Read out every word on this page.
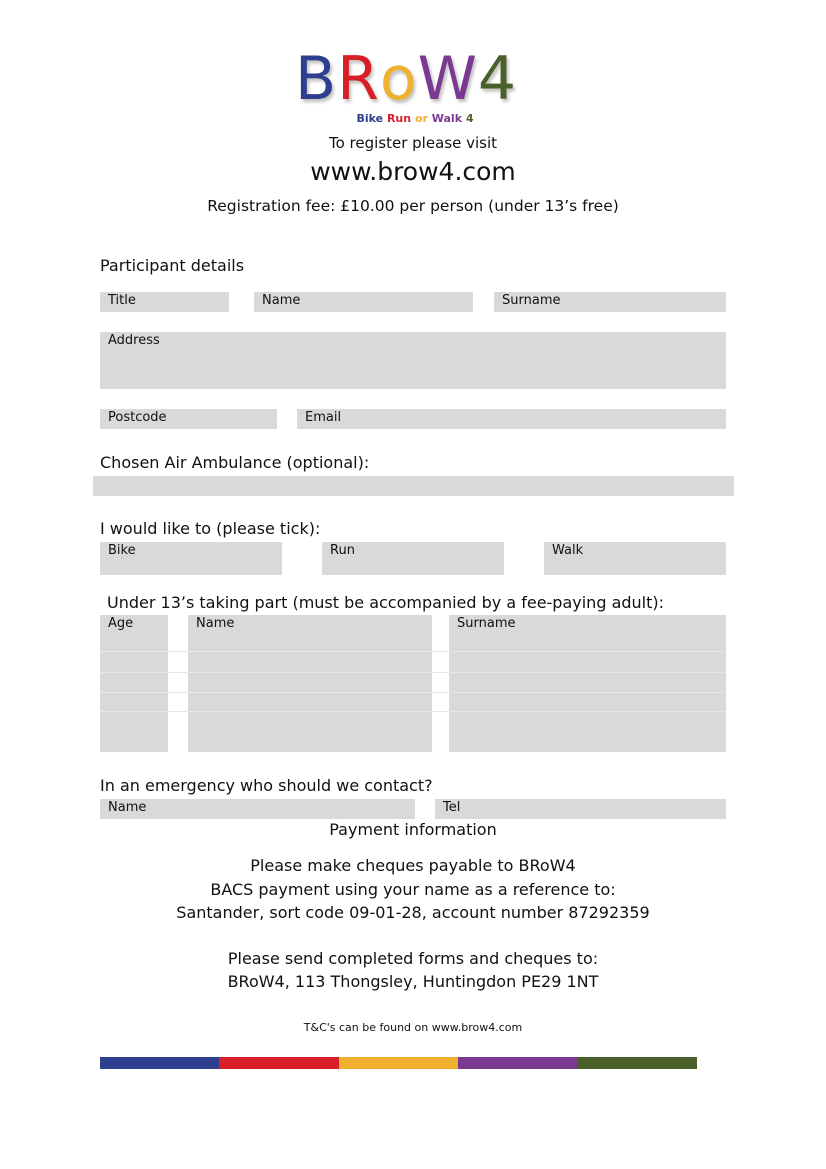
BRoW4
Bike Run or Walk 4
To register please visit
www.brow4.com
Registration fee: £10.00 per person (under 13’s free)
Participant details
Title	Name	Surname
Address
Postcode	Email
Chosen Air Ambulance (optional):
I would like to (please tick):
Bike	Run	Walk
Under 13’s taking part (must be accompanied by a fee-paying adult):
Age	Name	Surname
In an emergency who should we contact?
Name	Tel
Payment information
Please make cheques payable to BRoW4
BACS payment using your name as a reference to:
Santander, sort code 09-01-28, account number 87292359
Please send completed forms and cheques to:
BRoW4, 113 Thongsley, Huntingdon PE29 1NT
T&C's can be found on www.brow4.com
